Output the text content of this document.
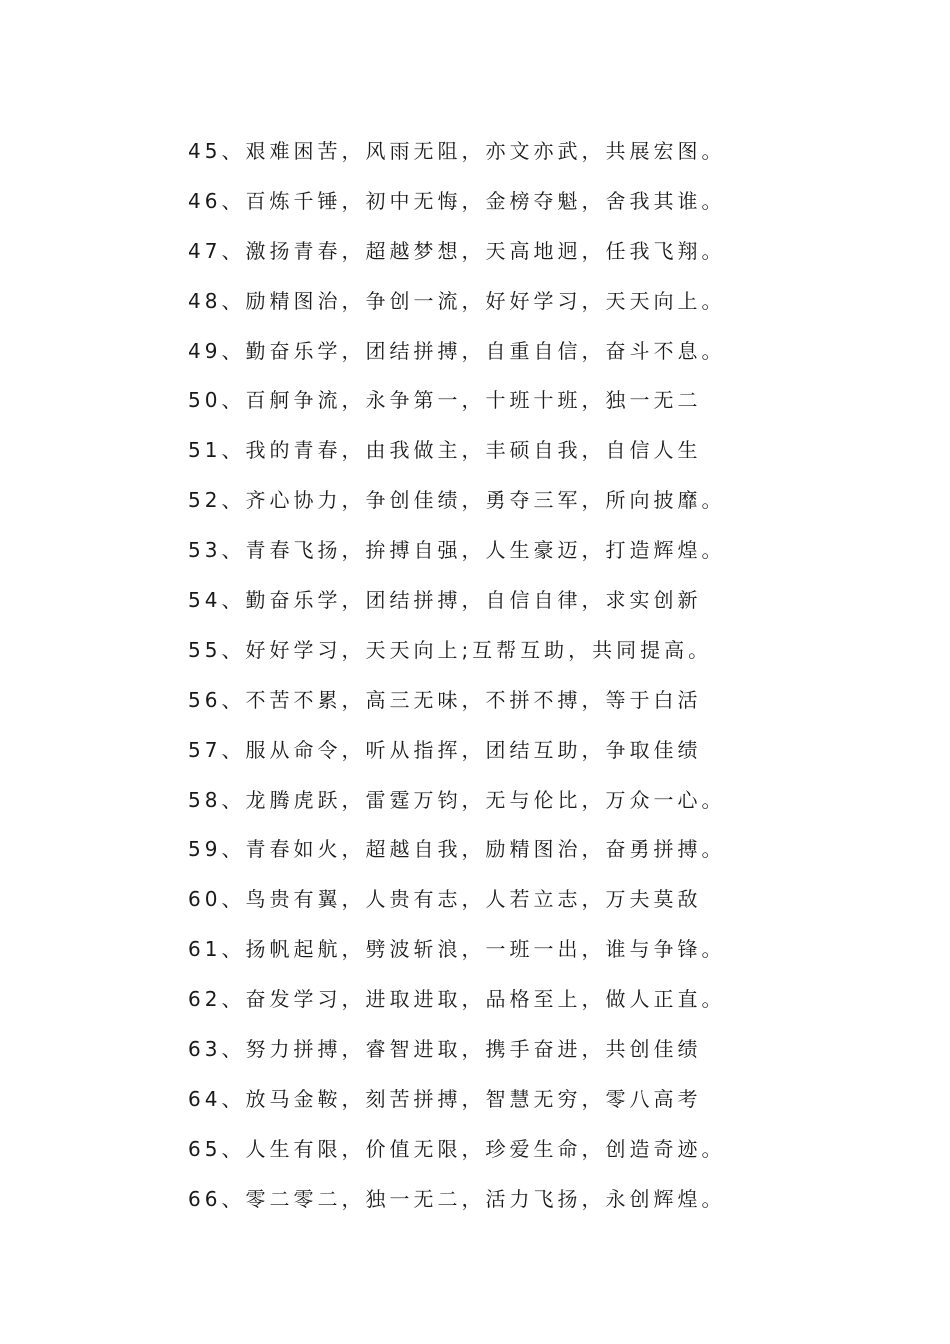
45、艰难困苦，风雨无阻，亦文亦武，共展宏图。
46、百炼千锤，初中无悔，金榜夺魁，舍我其谁。
47、激扬青春，超越梦想，天高地迥，任我飞翔。
48、励精图治，争创一流，好好学习，天天向上。
49、勤奋乐学，团结拼搏，自重自信，奋斗不息。
50、百舸争流，永争第一，十班十班，独一无二
51、我的青春，由我做主，丰硕自我，自信人生
52、齐心协力，争创佳绩，勇夺三军，所向披靡。
53、青春飞扬，拚搏自强，人生豪迈，打造辉煌。
54、勤奋乐学，团结拼搏，自信自律，求实创新
55、好好学习，天天向上;互帮互助，共同提高。
56、不苦不累，高三无味，不拼不搏，等于白活
57、服从命令，听从指挥，团结互助，争取佳绩
58、龙腾虎跃，雷霆万钧，无与伦比，万众一心。
59、青春如火，超越自我，励精图治，奋勇拼搏。
60、鸟贵有翼，人贵有志，人若立志，万夫莫敌
61、扬帆起航，劈波斩浪，一班一出，谁与争锋。
62、奋发学习，进取进取，品格至上，做人正直。
63、努力拼搏，睿智进取，携手奋进，共创佳绩
64、放马金鞍，刻苦拼搏，智慧无穷，零八高考
65、人生有限，价值无限，珍爱生命，创造奇迹。
66、零二零二，独一无二，活力飞扬，永创辉煌。
